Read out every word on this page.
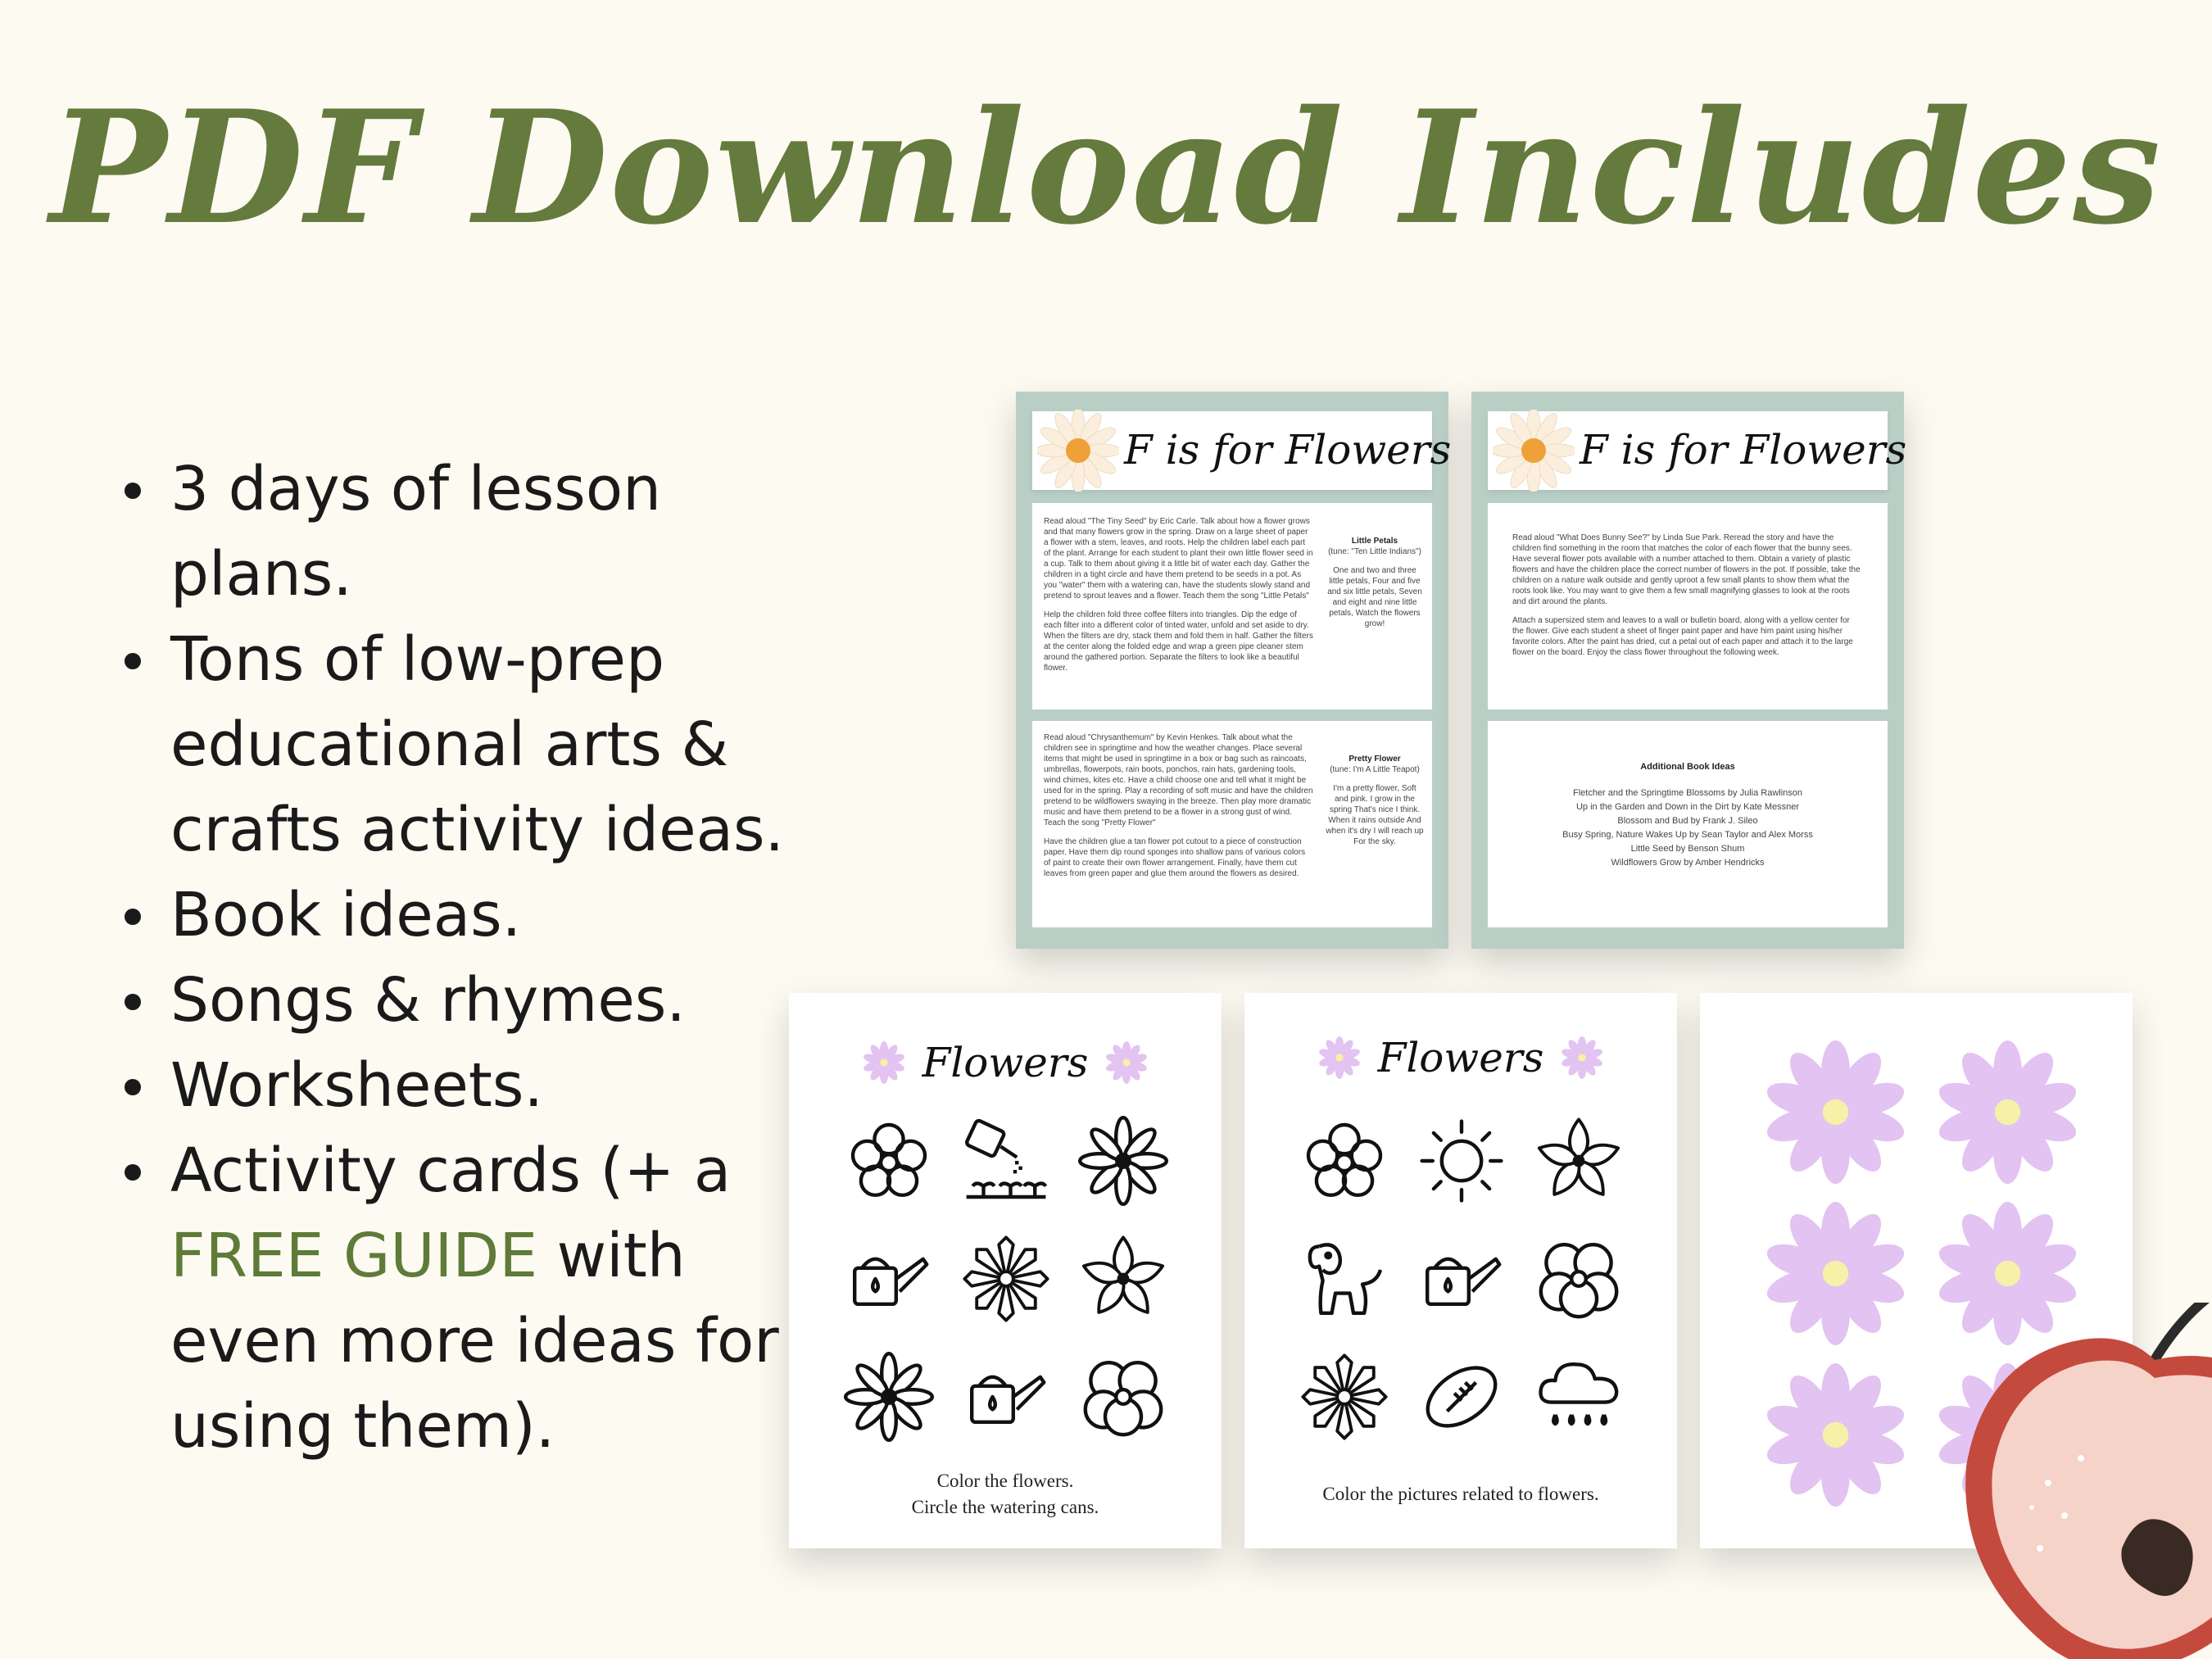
PDF Download Includes
3 days of lesson plans.
Tons of low-prep educational arts & crafts activity ideas.
Book ideas.
Songs & rhymes.
Worksheets.
Activity cards (+ a FREE GUIDE with even more ideas for using them).
F is for Flowers

Read aloud "The Tiny Seed" by Eric Carle. Talk about how a flower grows and that many flowers grow in the spring. Draw on a large sheet of paper a flower with a stem, leaves, and roots. Help the children label each part of the plant. Arrange for each student to plant their own little flower seed in a cup. Talk to them about giving it a little bit of water each day. Gather the children in a tight circle and have them pretend to be seeds in a pot. As you "water" them with a watering can, have the students slowly stand and pretend to sprout leaves and a flower. Teach them the song "Little Petals"

Help the children fold three coffee filters into triangles. Dip the edge of each filter into a different color of tinted water, unfold and set aside to dry. When the filters are dry, stack them and fold them in half. Gather the filters at the center along the folded edge and wrap a green pipe cleaner stem around the gathered portion. Separate the filters to look like a beautiful flower.

Little Petals

(tune: "Ten Little Indians")

One and two and three little petals, Four and five and six little petals, Seven and eight and nine little petals, Watch the flowers grow!

Read aloud "Chrysanthemum" by Kevin Henkes. Talk about what the children see in springtime and how the weather changes. Place several items that might be used in springtime in a box or bag such as raincoats, umbrellas, flowerpots, rain boots, ponchos, rain hats, gardening tools, wind chimes, kites etc. Have a child choose one and tell what it might be used for in the spring. Play a recording of soft music and have the children pretend to be wildflowers swaying in the breeze. Then play more dramatic music and have them pretend to be a flower in a strong gust of wind. Teach the song "Pretty Flower"

Have the children glue a tan flower pot cutout to a piece of construction paper. Have them dip round sponges into shallow pans of various colors of paint to create their own flower arrangement. Finally, have them cut leaves from green paper and glue them around the flowers as desired.

Pretty Flower

(tune: I'm A Little Teapot)

I'm a pretty flower, Soft and pink. I grow in the spring That's nice I think. When it rains outside And when it's dry I will reach up For the sky.

F is for Flowers

Read aloud "What Does Bunny See?" by Linda Sue Park. Reread the story and have the children find something in the room that matches the color of each flower that the bunny sees. Have several flower pots available with a number attached to them. Obtain a variety of plastic flowers and have the children place the correct number of flowers in the pot. If possible, take the children on a nature walk outside and gently uproot a few small plants to show them what the roots look like. You may want to give them a few small magnifying glasses to look at the roots and dirt around the plants.

Attach a supersized stem and leaves to a wall or bulletin board, along with a yellow center for the flower. Give each student a sheet of finger paint paper and have him paint using his/her favorite colors. After the paint has dried, cut a petal out of each paper and attach it to the large flower on the board. Enjoy the class flower throughout the following week.

Additional Book Ideas
Fletcher and the Springtime Blossoms by Julia Rawlinson
Up in the Garden and Down in the Dirt by Kate Messner
Blossom and Bud by Frank J. Sileo
Busy Spring, Nature Wakes Up by Sean Taylor and Alex Morss
Little Seed by Benson Shum
Wildflowers Grow by Amber Hendricks
Flowers
Color the flowers.
Circle the watering cans.
Flowers
Color the pictures related to flowers.
